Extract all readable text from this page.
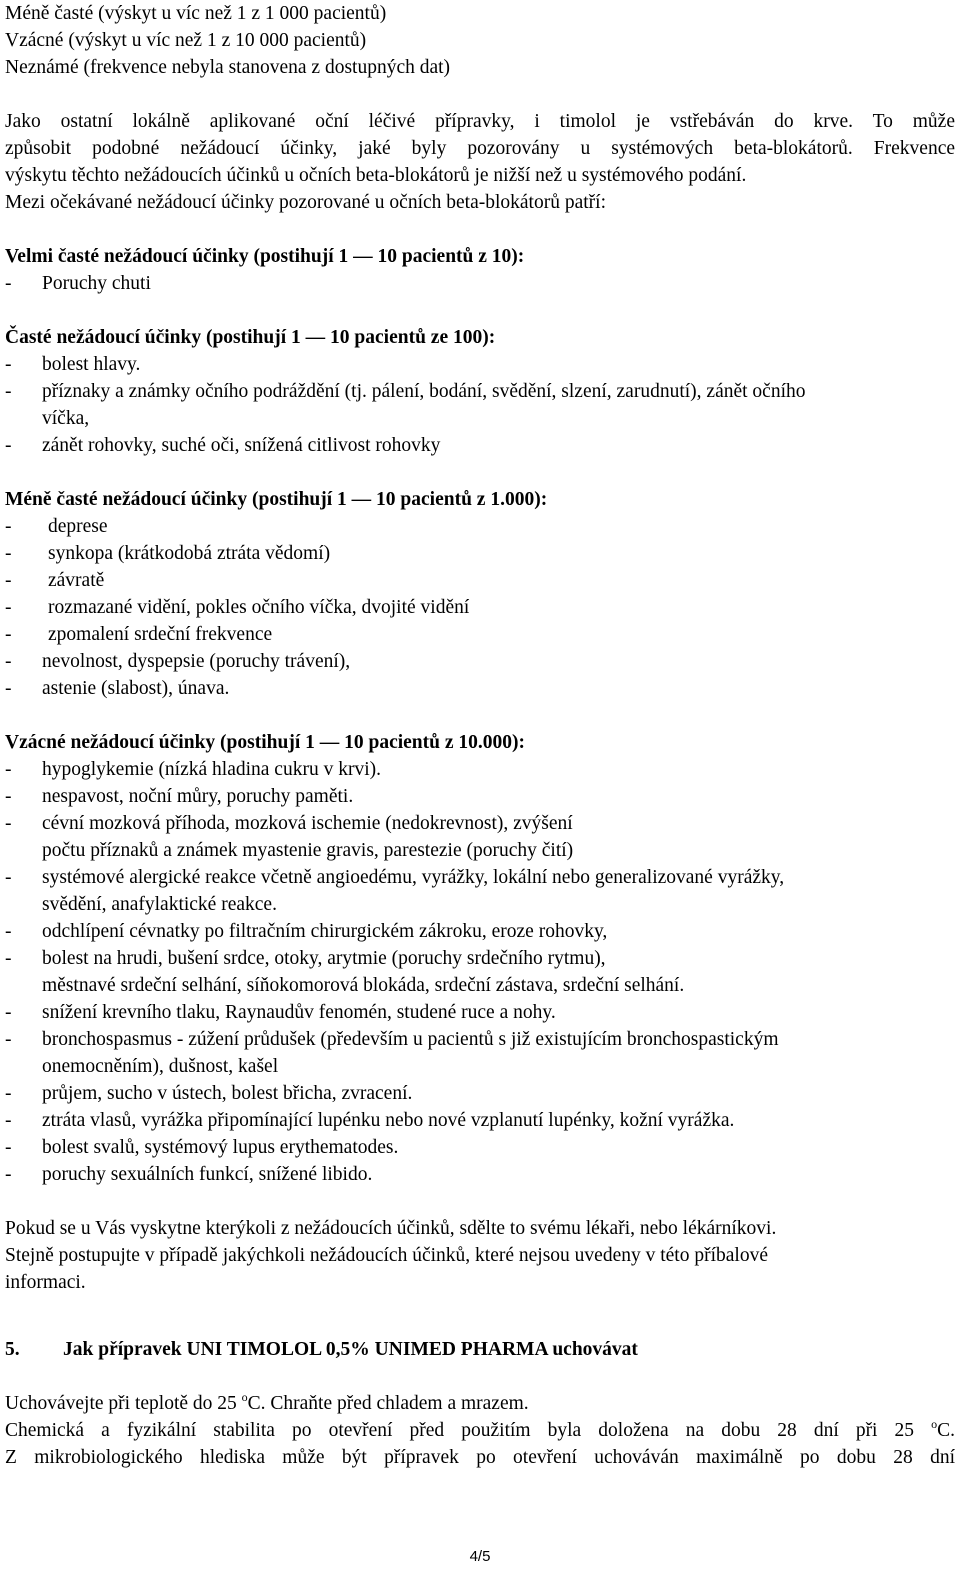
Méně časté (výskyt u víc než 1 z 1 000 pacientů)
Vzácné (výskyt u víc než 1 z 10 000 pacientů)
Neznámé (frekvence nebyla stanovena z dostupných dat)
Jako ostatní lokálně aplikované oční léčivé přípravky, i timolol je vstřebáván do krve. To může
způsobit podobné nežádoucí účinky, jaké byly pozorovány u systémových beta-blokátorů. Frekvence
výskytu těchto nežádoucích účinků u očních beta-blokátorů je nižší než u systémového podání.
Mezi očekávané nežádoucí účinky pozorované u očních beta-blokátorů patří:
Velmi časté nežádoucí účinky (postihují 1 — 10 pacientů z 10):
-	Poruchy chuti
Časté nežádoucí účinky (postihují 1 — 10 pacientů ze 100):
-	bolest hlavy.
-	příznaky a známky očního podráždění (tj. pálení, bodání, svědění, slzení, zarudnutí), zánět očního
víčka,
-	zánět rohovky, suché oči, snížená citlivost rohovky
Méně časté nežádoucí účinky (postihují 1 — 10 pacientů z 1.000):
-	deprese
-	synkopa (krátkodobá ztráta vědomí)
-	závratě
-	rozmazané vidění, pokles očního víčka, dvojité vidění
-	zpomalení srdeční frekvence
-	nevolnost, dyspepsie (poruchy trávení),
-	astenie (slabost), únava.
Vzácné nežádoucí účinky (postihují 1 — 10 pacientů z 10.000):
-	hypoglykemie (nízká hladina cukru v krvi).
-	nespavost, noční můry, poruchy paměti.
-	cévní mozková příhoda, mozková ischemie (nedokrevnost), zvýšení
počtu příznaků a známek myastenie gravis, parestezie (poruchy čití)
-	systémové alergické reakce včetně angioedému, vyrážky, lokální nebo generalizované vyrážky,
svědění, anafylaktické reakce.
-	odchlípení cévnatky po filtračním chirurgickém zákroku, eroze rohovky,
-	bolest na hrudi, bušení srdce, otoky, arytmie (poruchy srdečního rytmu),
městnavé srdeční selhání, síňokomorová blokáda, srdeční zástava, srdeční selhání.
-	snížení krevního tlaku, Raynaudův fenomén, studené ruce a nohy.
-	bronchospasmus - zúžení průdušek (především u pacientů s již existujícím bronchospastickým
onemocněním), dušnost, kašel
-	průjem, sucho v ústech, bolest břicha, zvracení.
-	ztráta vlasů, vyrážka připomínající lupénku nebo nové vzplanutí lupénky, kožní vyrážka.
-	bolest svalů, systémový lupus erythematodes.
-	poruchy sexuálních funkcí, snížené libido.
Pokud se u Vás vyskytne kterýkoli z nežádoucích účinků, sdělte to svému lékaři, nebo lékárníkovi.
Stejně postupujte v případě jakýchkoli nežádoucích účinků, které nejsou uvedeny v této příbalové
informaci.
5.	Jak přípravek UNI TIMOLOL 0,5% UNIMED PHARMA uchovávat
Uchovávejte při teplotě do 25 $^o$C. Chraňte před chladem a mrazem.
Chemická a fyzikální stabilita po otevření před použitím byla doložena na dobu 28 dní při 25 $^o$C.
Z mikrobiologického hlediska může být přípravek po otevření uchováván maximálně po dobu 28 dní
4/5
